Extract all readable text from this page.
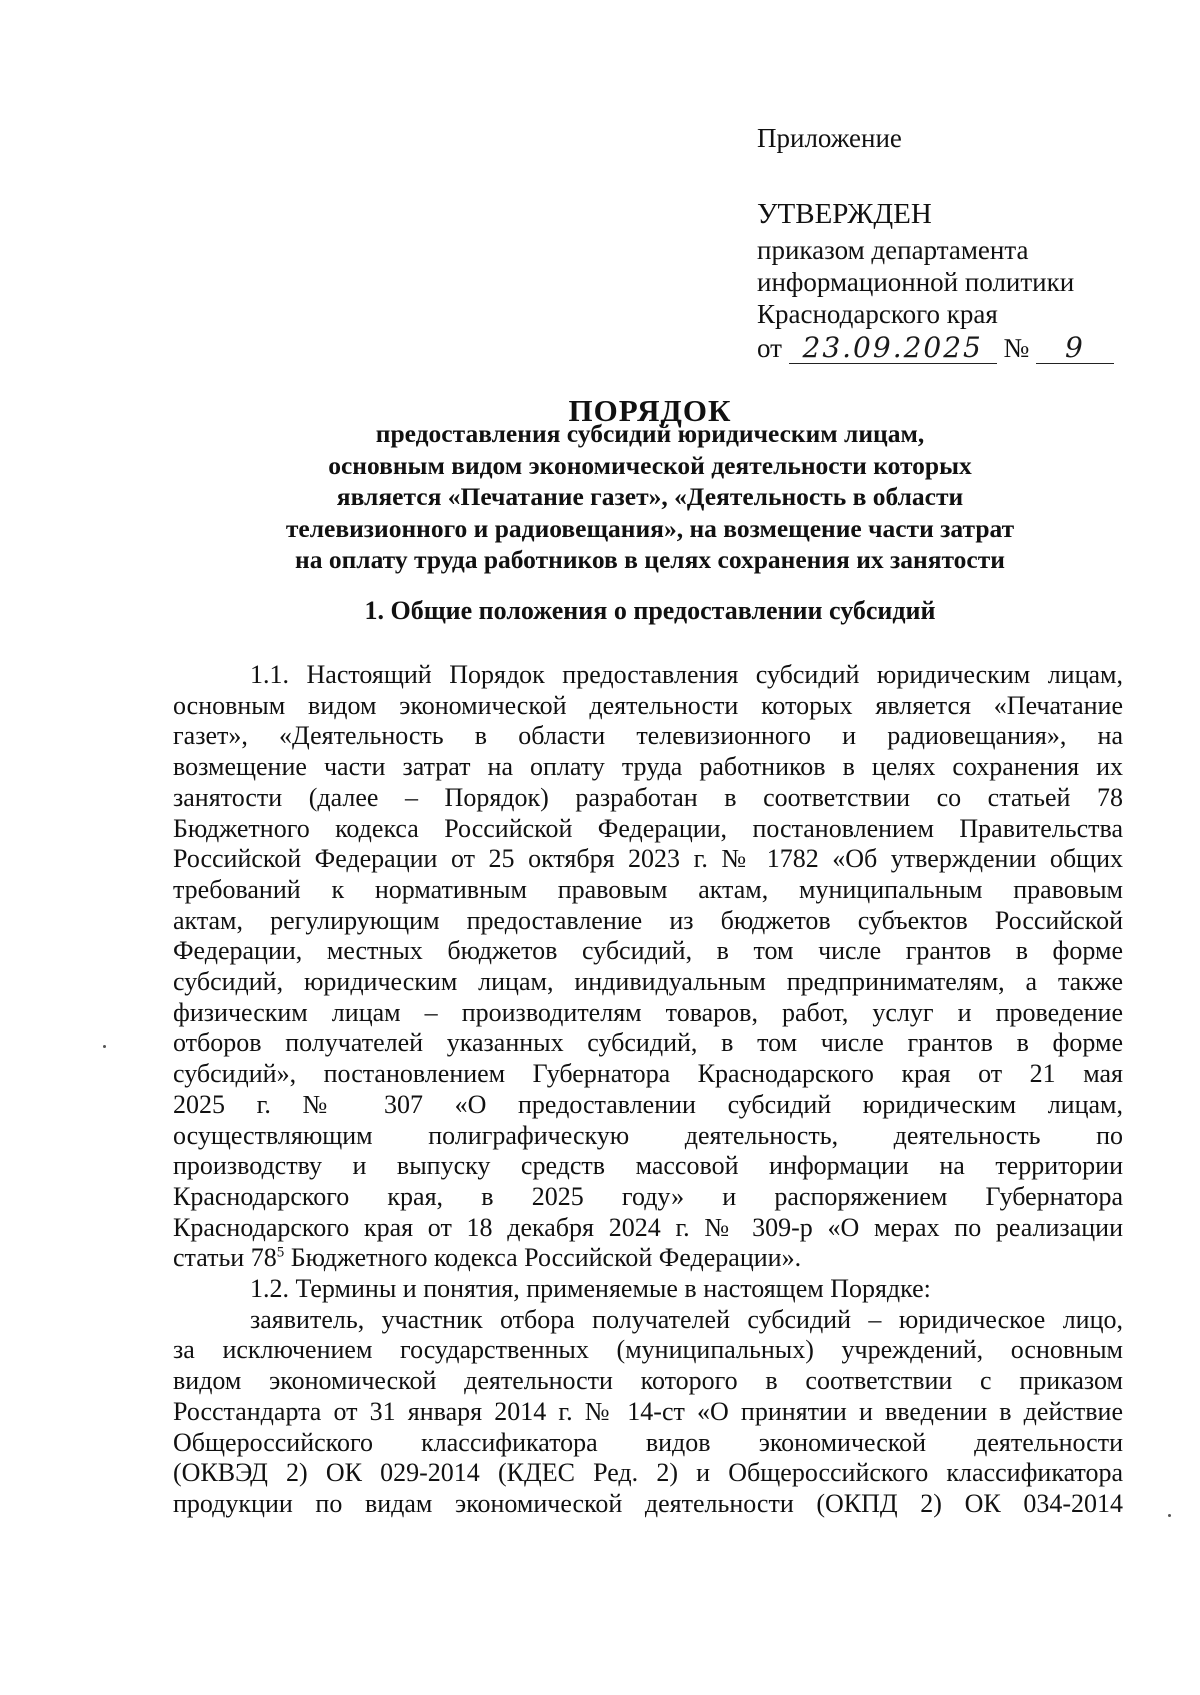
Приложение
УТВЕРЖДЕН
приказом департамента
информационной политики
Краснодарского края
от 23.09.2025 № 9
ПОРЯДОК
предоставления субсидий юридическим лицам,
основным видом экономической деятельности которых
является «Печатание газет», «Деятельность в области
телевизионного и радиовещания», на возмещение части затрат
на оплату труда работников в целях сохранения их занятости
1. Общие положения о предоставлении субсидий
1.1. Настоящий Порядок предоставления субсидий юридическим лицам,
основным видом экономической деятельности которых является «Печатание
газет», «Деятельность в области телевизионного и радиовещания», на
возмещение части затрат на оплату труда работников в целях сохранения их
занятости (далее – Порядок) разработан в соответствии со статьей 78
Бюджетного кодекса Российской Федерации, постановлением Правительства
Российской Федерации от 25 октября 2023 г. № 1782 «Об утверждении общих
требований к нормативным правовым актам, муниципальным правовым
актам, регулирующим предоставление из бюджетов субъектов Российской
Федерации, местных бюджетов субсидий, в том числе грантов в форме
субсидий, юридическим лицам, индивидуальным предпринимателям, а также
физическим лицам – производителям товаров, работ, услуг и проведение
отборов получателей указанных субсидий, в том числе грантов в форме
субсидий», постановлением Губернатора Краснодарского края от 21 мая
2025 г. № 307 «О предоставлении субсидий юридическим лицам,
осуществляющим полиграфическую деятельность, деятельность по
производству и выпуску средств массовой информации на территории
Краснодарского края, в 2025 году» и распоряжением Губернатора
Краснодарского края от 18 декабря 2024 г. № 309-р «О мерах по реализации
статьи $78^5$ Бюджетного кодекса Российской Федерации».
1.2. Термины и понятия, применяемые в настоящем Порядке:
заявитель, участник отбора получателей субсидий – юридическое лицо,
за исключением государственных (муниципальных) учреждений, основным
видом экономической деятельности которого в соответствии с приказом
Росстандарта от 31 января 2014 г. № 14-ст «О принятии и введении в действие
Общероссийского классификатора видов экономической деятельности
(ОКВЭД 2) ОК 029-2014 (КДЕС Ред. 2) и Общероссийского классификатора
продукции по видам экономической деятельности (ОКПД 2) ОК 034-2014
